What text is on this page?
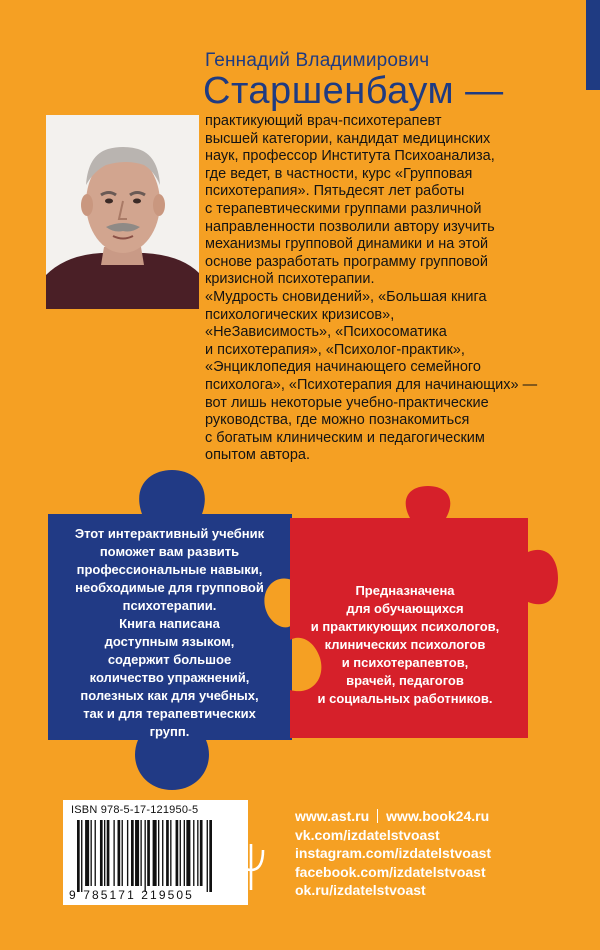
Геннадий Владимирович
Старшенбаум —
практикующий врач-психотерапевт
высшей категории, кандидат медицинских
наук, профессор Института Психоанализа,
где ведет, в частности, курс «Групповая
психотерапия». Пятьдесят лет работы
с терапевтическими группами различной
направленности позволили автору изучить
механизмы групповой динамики и на этой
основе разработать программу групповой
кризисной психотерапии.
«Мудрость сновидений», «Большая книга
психологических кризисов»,
«НеЗависимость», «Психосоматика
и психотерапия», «Психолог-практик»,
«Энциклопедия начинающего семейного
психолога», «Психотерапия для начинающих» —
вот лишь некоторые учебно-практические
руководства, где можно познакомиться
с богатым клиническим и педагогическим
опытом автора.
Этот интерактивный учебник
поможет вам развить
профессиональные навыки,
необходимые для групповой
психотерапии.
Книга написана
доступным языком,
содержит большое
количество упражнений,
полезных как для учебных,
так и для терапевтических групп.
Предназначена
для обучающихся
и практикующих психологов,
клинических психологов
и психотерапевтов,
врачей, педагогов
и социальных работников.
ISBN 978-5-17-121950-5
9 785171 219505
www.ast.ru www.book24.ru
vk.com/izdatelstvoast
instagram.com/izdatelstvoast
facebook.com/izdatelstvoast
ok.ru/izdatelstvoast
